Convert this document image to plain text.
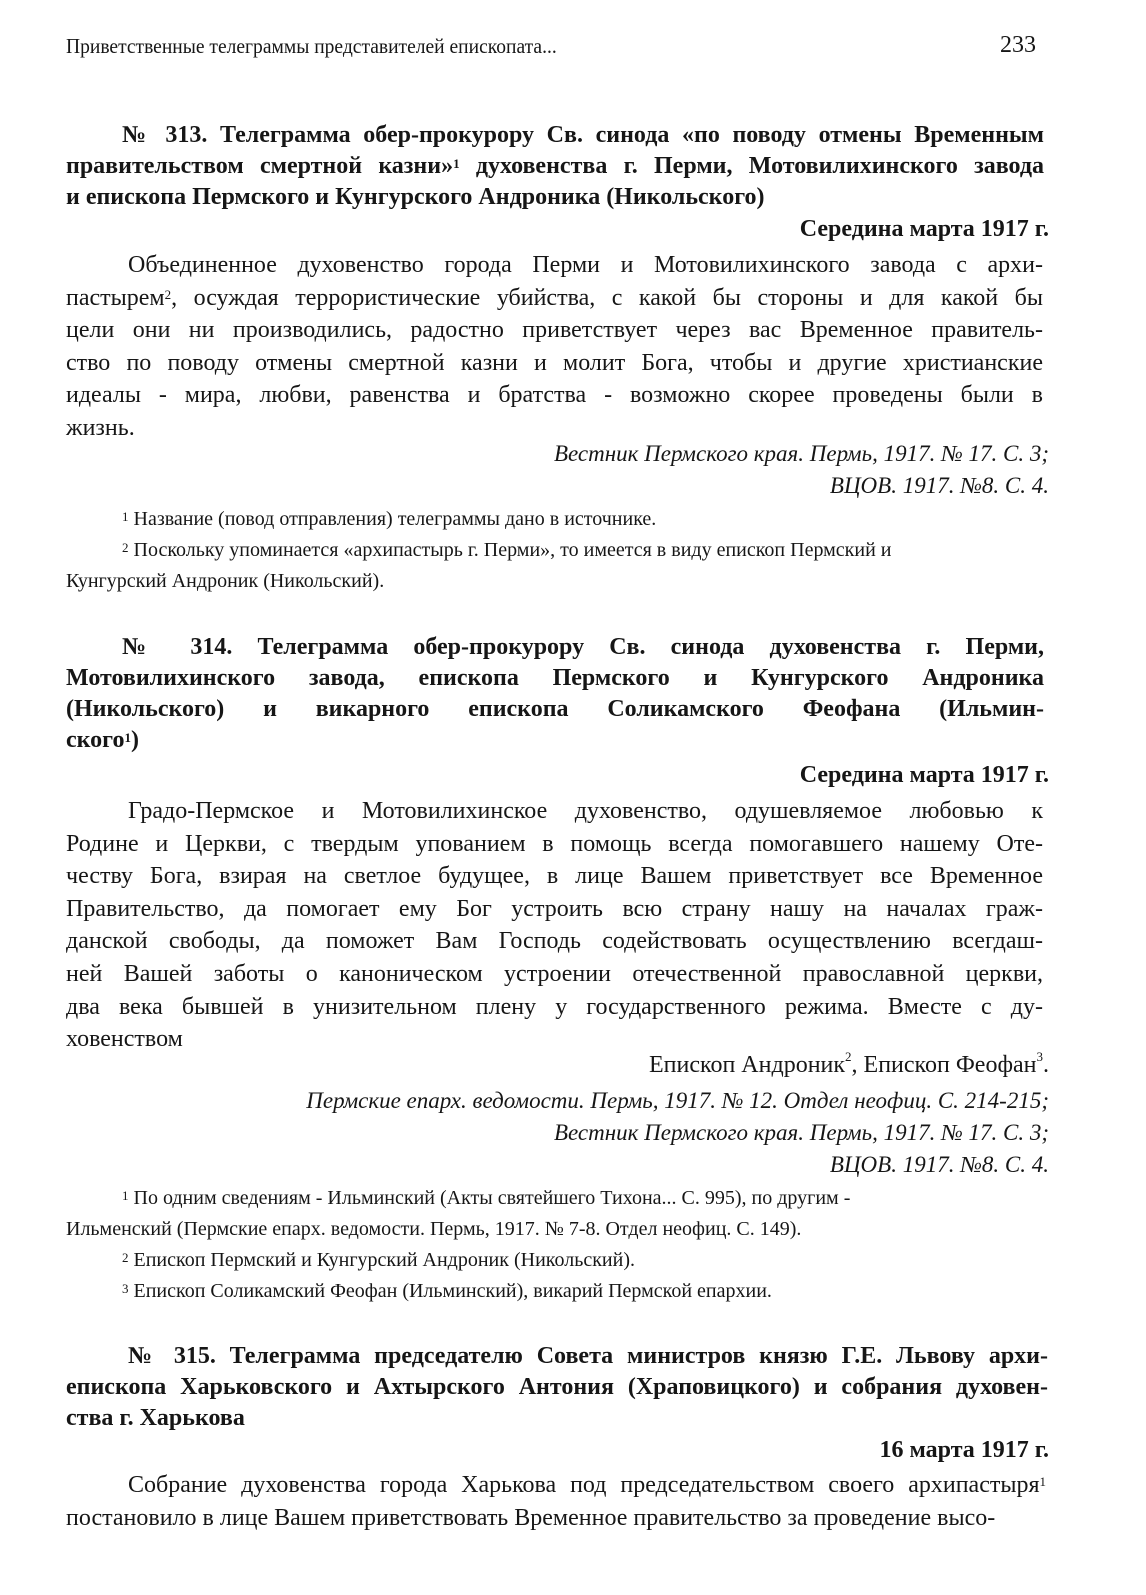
Приветственные телеграммы представителей епископата...	233
№ 313. Телеграмма обер-прокурору Св. синода «по поводу отмены Временным
правительством смертной казни»$^1$ духовенства г. Перми, Мотовилихинского завода
и епископа Пермского и Кунгурского Андроника (Никольского)
Середина марта 1917 г.
Объединенное духовенство города Перми и Мотовилихинского завода с архи-
пастырем$^2$, осуждая террористические убийства, с какой бы стороны и для какой бы
цели они ни производились, радостно приветствует через вас Временное правитель-
ство по поводу отмены смертной казни и молит Бога, чтобы и другие христианские
идеалы - мира, любви, равенства и братства - возможно скорее проведены были в
жизнь.
Вестник Пермского края. Пермь, 1917. № 17. С. 3;
ВЦОВ. 1917. №8. С. 4.
$^1$ Название (повод отправления) телеграммы дано в источнике.
$^2$ Поскольку упоминается «архипастырь г. Перми», то имеется в виду епископ Пермский и
Кунгурский Андроник (Никольский).
№ 314. Телеграмма обер-прокурору Св. синода духовенства г. Перми,
Мотовилихинского завода, епископа Пермского и Кунгурского Андроника
(Никольского) и викарного епископа Соликамского Феофана (Ильмин-
ского$^1$)
Середина марта 1917 г.
Градо-Пермское и Мотовилихинское духовенство, одушевляемое любовью к
Родине и Церкви, с твердым упованием в помощь всегда помогавшего нашему Оте-
честву Бога, взирая на светлое будущее, в лице Вашем приветствует все Временное
Правительство, да помогает ему Бог устроить всю страну нашу на началах граж-
данской свободы, да поможет Вам Господь содействовать осуществлению всегдаш-
ней Вашей заботы о каноническом устроении отечественной православной церкви,
два века бывшей в унизительном плену у государственного режима. Вместе с ду-
ховенством
Епископ Андроник$^2$, Епископ Феофан$^3$.
Пермские епарх. ведомости. Пермь, 1917. № 12. Отдел неофиц. С. 214-215;
Вестник Пермского края. Пермь, 1917. № 17. С. 3;
ВЦОВ. 1917. №8. С. 4.
$^1$ По одним сведениям - Ильминский (Акты святейшего Тихона... С. 995), по другим -
Ильменский (Пермские епарх. ведомости. Пермь, 1917. № 7-8. Отдел неофиц. С. 149).
$^2$ Епископ Пермский и Кунгурский Андроник (Никольский).
$^3$ Епископ Соликамский Феофан (Ильминский), викарий Пермской епархии.
№ 315. Телеграмма председателю Совета министров князю Г.Е. Львову архи-
епископа Харьковского и Ахтырского Антония (Храповицкого) и собрания духовен-
ства г. Харькова
16 марта 1917 г.
Собрание духовенства города Харькова под председательством своего архипастыря$^1$
постановило в лице Вашем приветствовать Временное правительство за проведение высо-
